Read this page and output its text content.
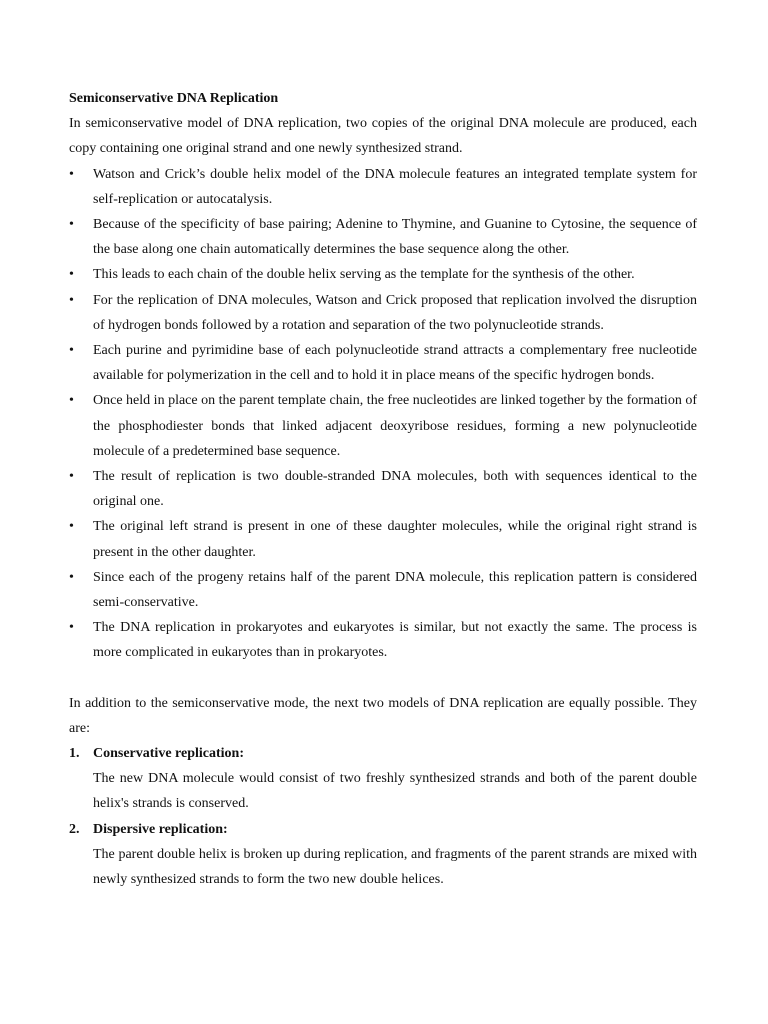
Semiconservative DNA Replication

In semiconservative model of DNA replication, two copies of the original DNA molecule are produced, each copy containing one original strand and one newly synthesized strand.

• Watson and Crick’s double helix model of the DNA molecule features an integrated template system for self-replication or autocatalysis.
• Because of the specificity of base pairing; Adenine to Thymine, and Guanine to Cytosine, the sequence of the base along one chain automatically determines the base sequence along the other.
• This leads to each chain of the double helix serving as the template for the synthesis of the other.
• For the replication of DNA molecules, Watson and Crick proposed that replication involved the disruption of hydrogen bonds followed by a rotation and separation of the two polynucleotide strands.
• Each purine and pyrimidine base of each polynucleotide strand attracts a complementary free nucleotide available for polymerization in the cell and to hold it in place means of the specific hydrogen bonds.
• Once held in place on the parent template chain, the free nucleotides are linked together by the formation of the phosphodiester bonds that linked adjacent deoxyribose residues, forming a new polynucleotide molecule of a predetermined base sequence.
• The result of replication is two double-stranded DNA molecules, both with sequences identical to the original one.
• The original left strand is present in one of these daughter molecules, while the original right strand is present in the other daughter.
• Since each of the progeny retains half of the parent DNA molecule, this replication pattern is considered semi-conservative.
• The DNA replication in prokaryotes and eukaryotes is similar, but not exactly the same. The process is more complicated in eukaryotes than in prokaryotes.

In addition to the semiconservative mode, the next two models of DNA replication are equally possible. They are:

1. Conservative replication:
The new DNA molecule would consist of two freshly synthesized strands and both of the parent double helix's strands is conserved.
2. Dispersive replication:
The parent double helix is broken up during replication, and fragments of the parent strands are mixed with newly synthesized strands to form the two new double helices.
